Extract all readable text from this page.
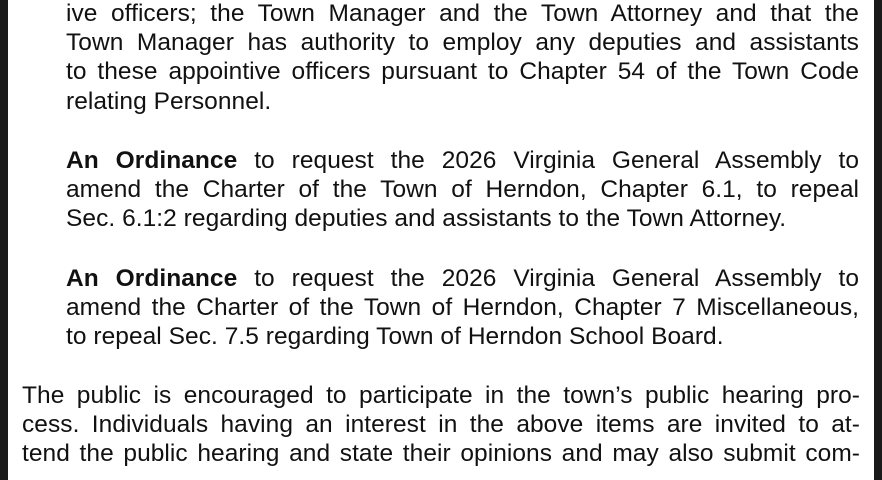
ive officers; the Town Manager and the Town Attorney and that the
Town Manager has authority to employ any deputies and assistants
to these appointive officers pursuant to Chapter 54 of the Town Code
relating Personnel.
An Ordinance to request the 2026 Virginia General Assembly to
amend the Charter of the Town of Herndon, Chapter 6.1, to repeal
Sec. 6.1:2 regarding deputies and assistants to the Town Attorney.
An Ordinance to request the 2026 Virginia General Assembly to
amend the Charter of the Town of Herndon, Chapter 7 Miscellaneous,
to repeal Sec. 7.5 regarding Town of Herndon School Board.
The public is encouraged to participate in the town’s public hearing pro-
cess. Individuals having an interest in the above items are invited to at-
tend the public hearing and state their opinions and may also submit com-
